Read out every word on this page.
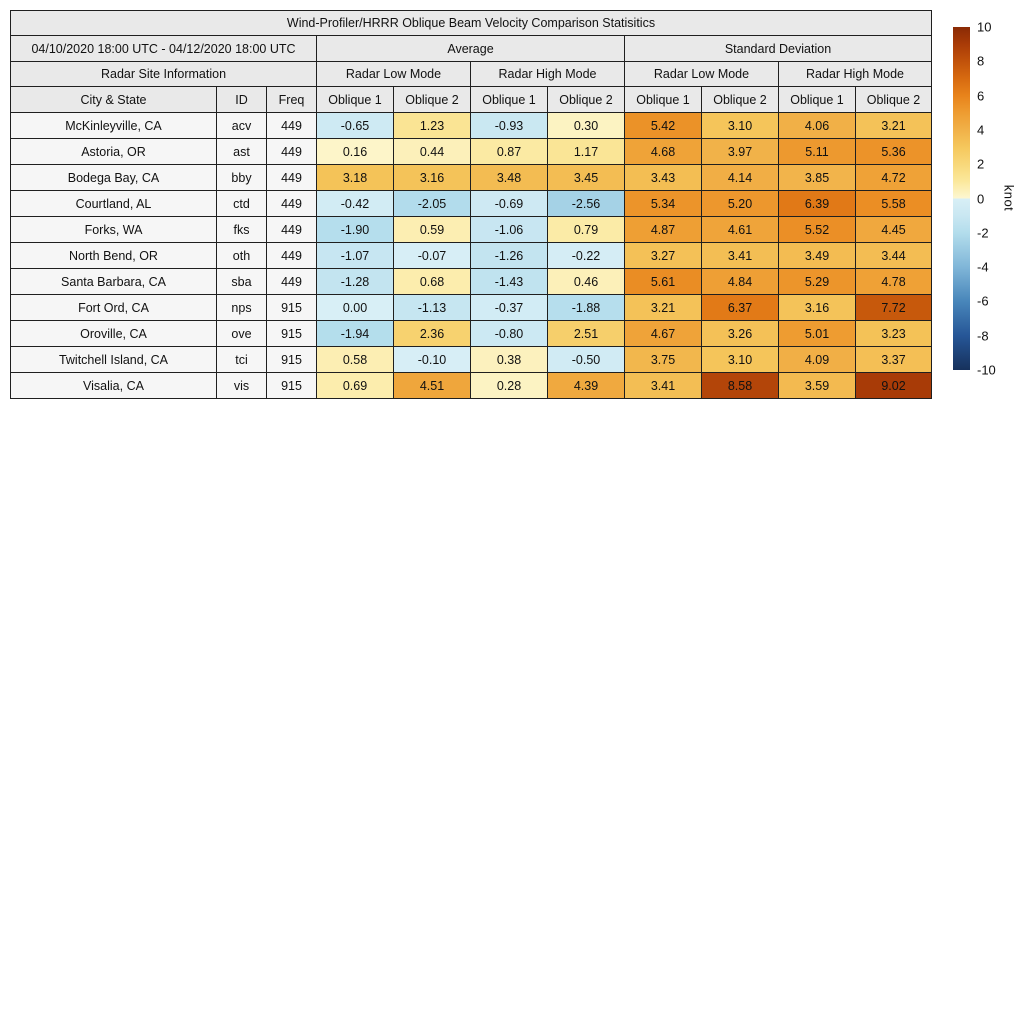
Wind-Profiler/HRRR Oblique Beam Velocity Comparison Statisitics										
04/10/2020 18:00 UTC - 04/12/2020 18:00 UTC			Average				Standard Deviation			
Radar Site Information			Radar Low Mode		Radar High Mode		Radar Low Mode		Radar High Mode	
City & State	ID	Freq	Oblique 1	Oblique 2	Oblique 1	Oblique 2	Oblique 1	Oblique 2	Oblique 1	Oblique 2
McKinleyville, CA	acv	449	-0.65	1.23	-0.93	0.30	5.42	3.10	4.06	3.21
Astoria, OR	ast	449	0.16	0.44	0.87	1.17	4.68	3.97	5.11	5.36
Bodega Bay, CA	bby	449	3.18	3.16	3.48	3.45	3.43	4.14	3.85	4.72
Courtland, AL	ctd	449	-0.42	-2.05	-0.69	-2.56	5.34	5.20	6.39	5.58
Forks, WA	fks	449	-1.90	0.59	-1.06	0.79	4.87	4.61	5.52	4.45
North Bend, OR	oth	449	-1.07	-0.07	-1.26	-0.22	3.27	3.41	3.49	3.44
Santa Barbara, CA	sba	449	-1.28	0.68	-1.43	0.46	5.61	4.84	5.29	4.78
Fort Ord, CA	nps	915	0.00	-1.13	-0.37	-1.88	3.21	6.37	3.16	7.72
Oroville, CA	ove	915	-1.94	2.36	-0.80	2.51	4.67	3.26	5.01	3.23
Twitchell Island, CA	tci	915	0.58	-0.10	0.38	-0.50	3.75	3.10	4.09	3.37
Visalia, CA	vis	915	0.69	4.51	0.28	4.39	3.41	8.58	3.59	9.02
10
8
6
4
2
0
-2
-4
-6
-8
-10
knot
